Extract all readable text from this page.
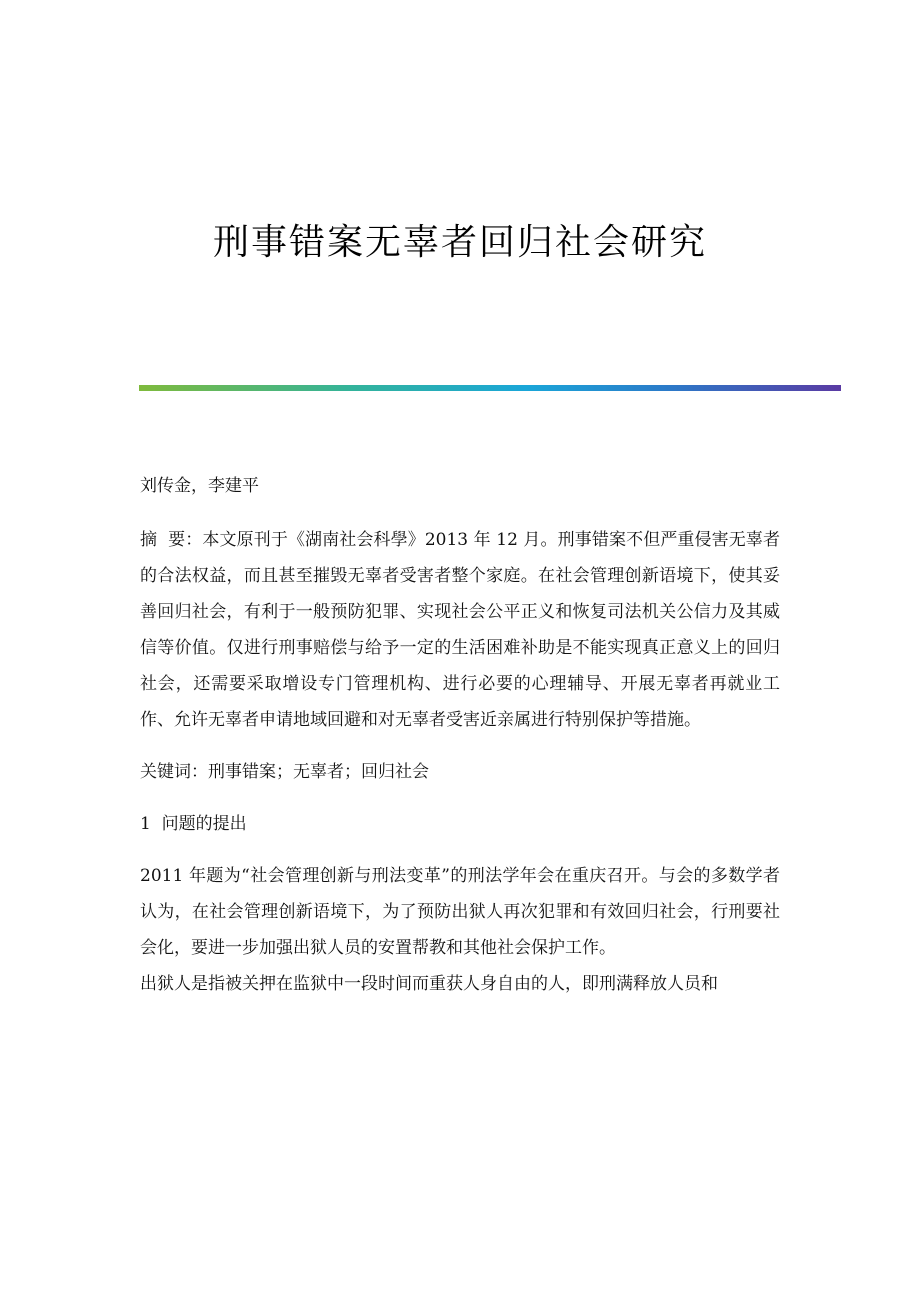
刑事错案无辜者回归社会研究

刘传金，李建平

摘  要：本文原刊于《湖南社会科學》2013 年 12 月。刑事错案不但严重侵害无辜者的合法权益，而且甚至摧毁无辜者受害者整个家庭。在社会管理创新语境下，使其妥善回归社会，有利于一般预防犯罪、实现社会公平正义和恢复司法机关公信力及其威信等价值。仅进行刑事赔偿与给予一定的生活困难补助是不能实现真正意义上的回归社会，还需要采取增设专门管理机构、进行必要的心理辅导、开展无辜者再就业工作、允许无辜者申请地域回避和对无辜者受害近亲属进行特别保护等措施。

关键词：刑事错案；无辜者；回归社会

1  问题的提出

2011 年题为“社会管理创新与刑法变革”的刑法学年会在重庆召开。与会的多数学者认为，在社会管理创新语境下，为了预防出狱人再次犯罪和有效回归社会，行刑要社会化，要进一步加强出狱人员的安置帮教和其他社会保护工作。

出狱人是指被关押在监狱中一段时间而重获人身自由的人，即刑满释放人员和
